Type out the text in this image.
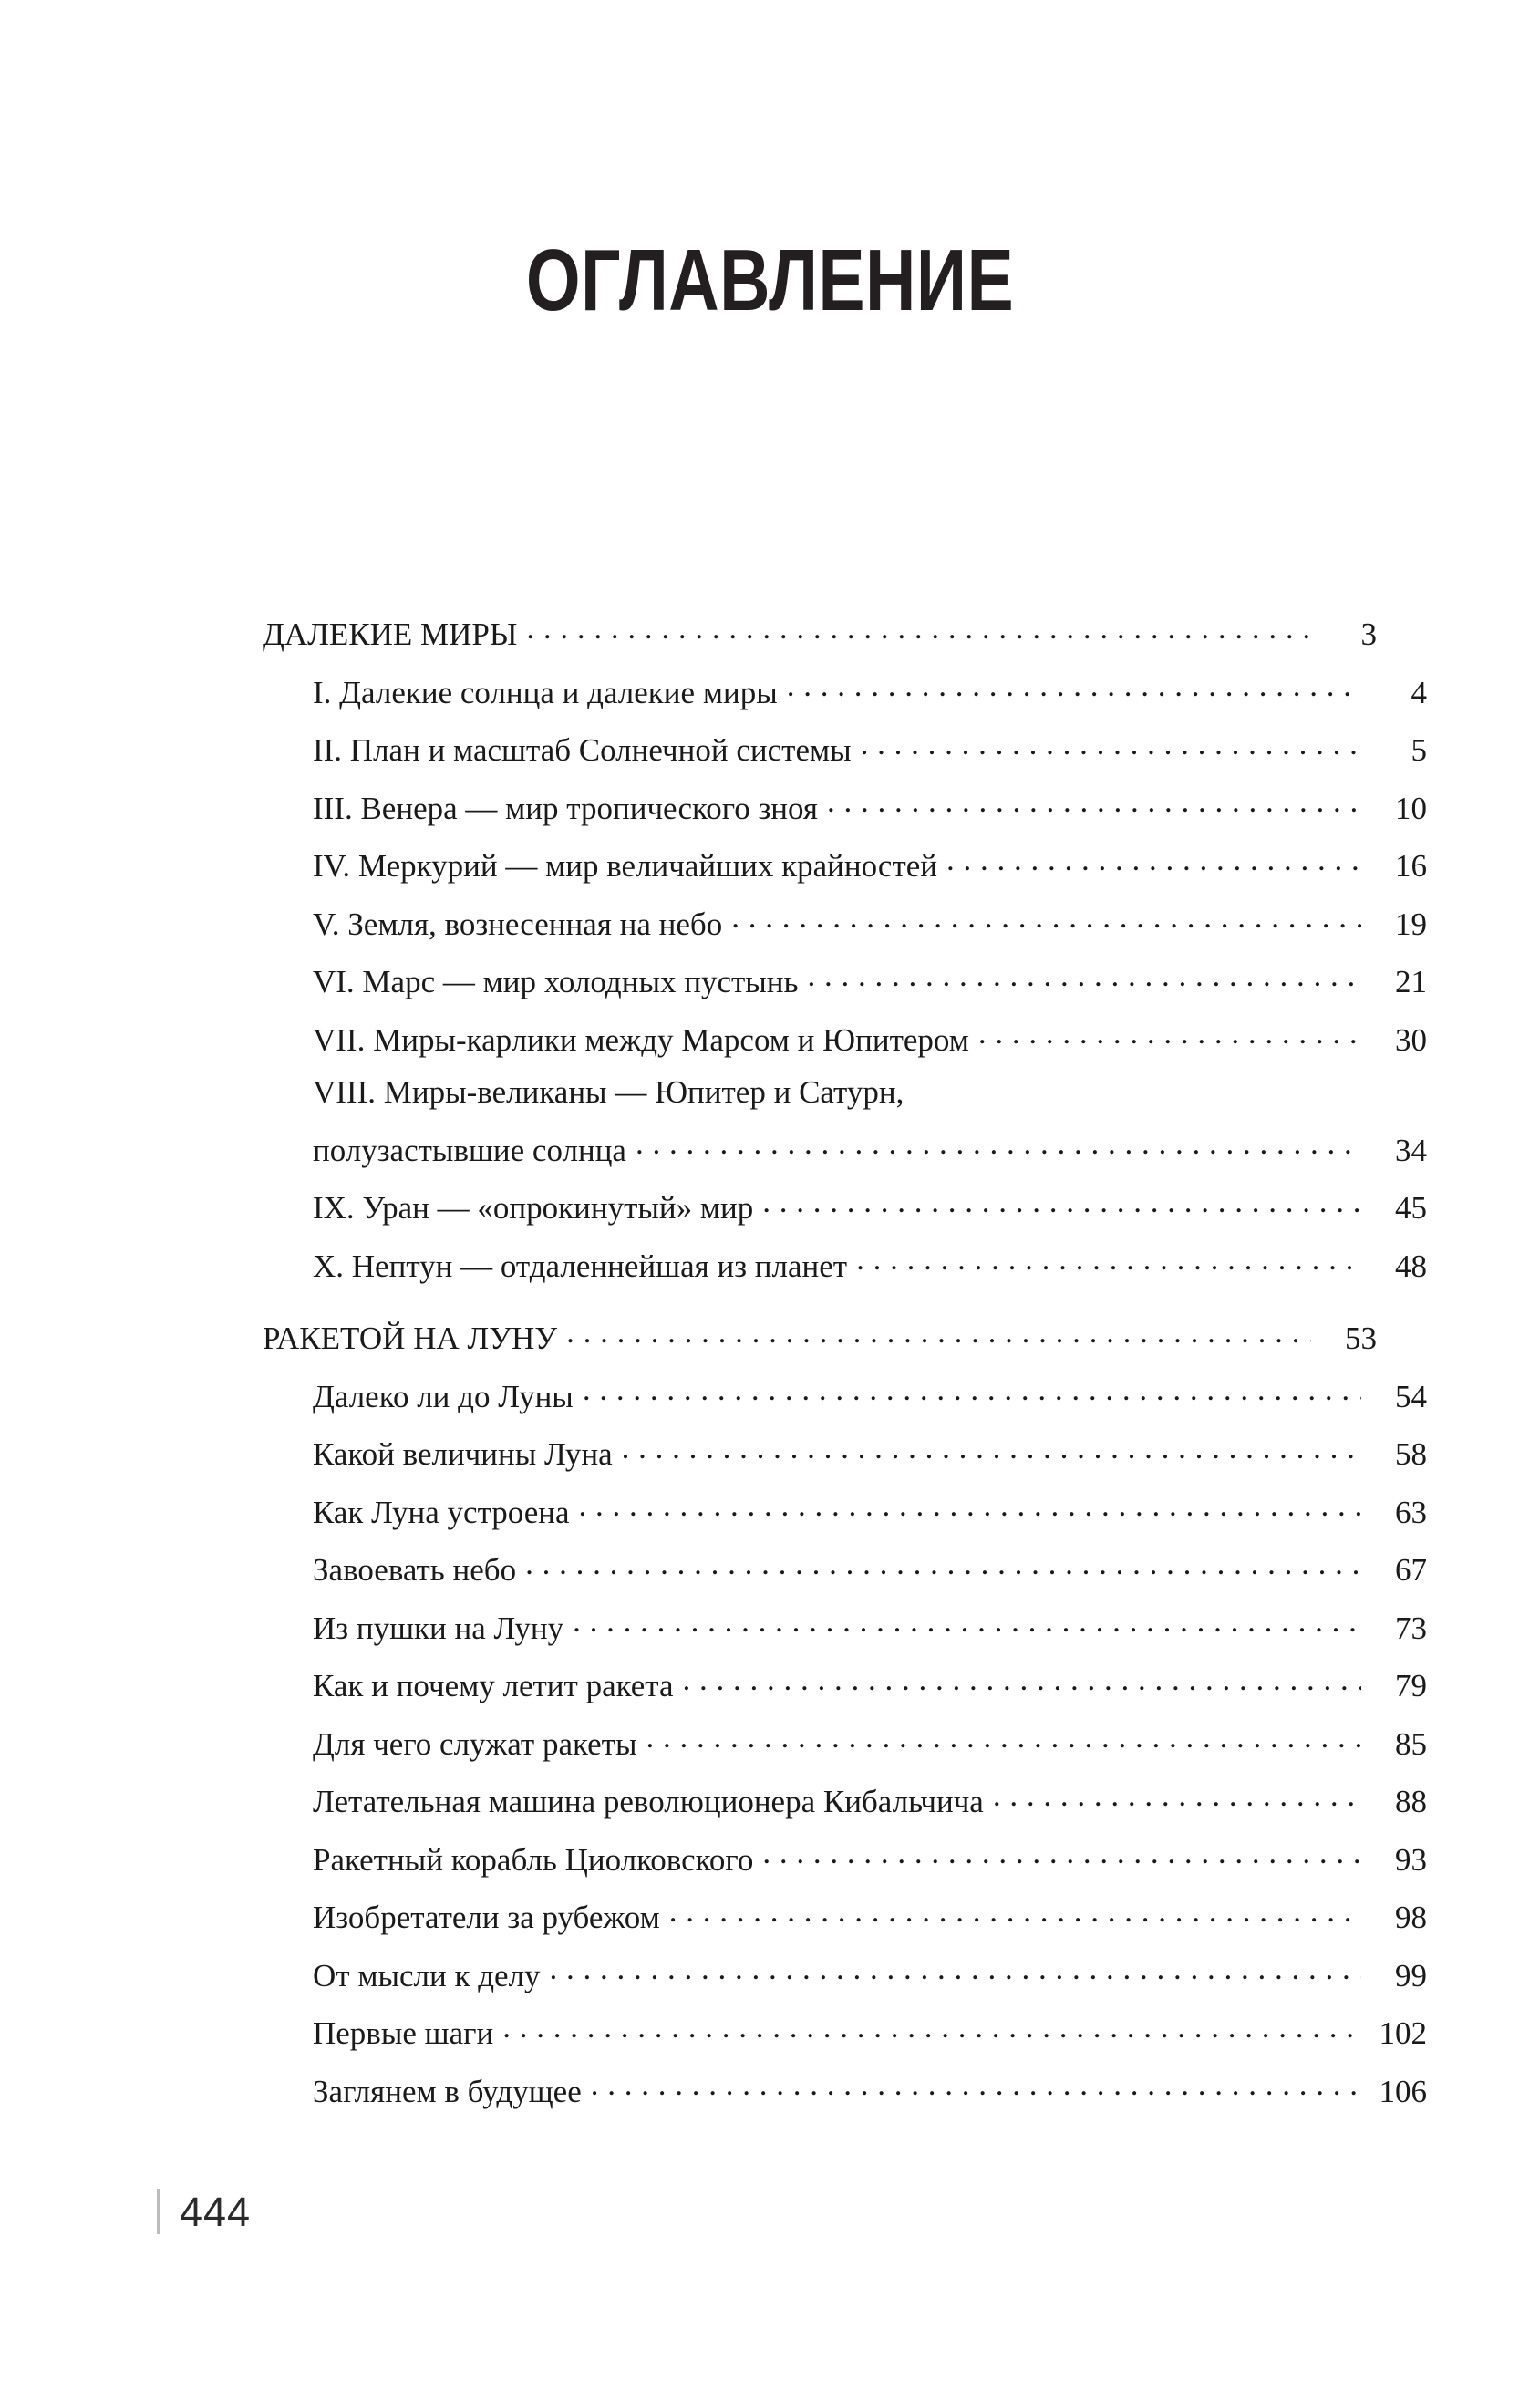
ОГЛАВЛЕНИЕ
ДАЛЕКИЕ МИРЫ . . .	3
I. Далекие солнца и далекие миры . . .	4
II. План и масштаб Солнечной системы . . .	5
III. Венера — мир тропического зноя . . .	10
IV. Меркурий — мир величайших крайностей . . .	16
V. Земля, вознесенная на небо . . .	19
VI. Марс — мир холодных пустынь . . .	21
VII. Миры-карлики между Марсом и Юпитером . . .	30
VIII. Миры-великаны — Юпитер и Сатурн,
полузастывшие солнца . . .	34
IX. Уран — «опрокинутый» мир . . .	45
X. Нептун — отдаленнейшая из планет . . .	48
РАКЕТОЙ НА ЛУНУ . . .	53
Далеко ли до Луны . . .	54
Какой величины Луна . . .	58
Как Луна устроена . . .	63
Завоевать небо . . .	67
Из пушки на Луну . . .	73
Как и почему летит ракета . . .	79
Для чего служат ракеты . . .	85
Летательная машина революционера Кибальчича . . .	88
Ракетный корабль Циолковского . . .	93
Изобретатели за рубежом . . .	98
От мысли к делу . . .	99
Первые шаги . . .	102
Заглянем в будущее . . .	106
444
